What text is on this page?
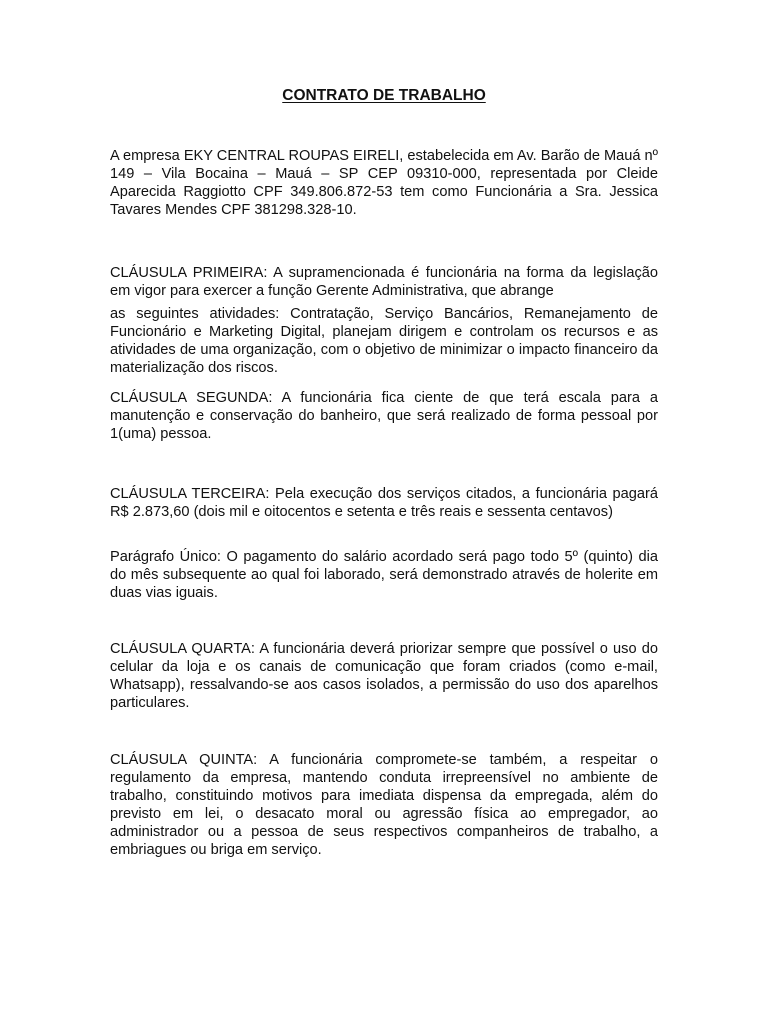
CONTRATO DE TRABALHO

A empresa EKY CENTRAL ROUPAS EIRELI, estabelecida em Av. Barão de Mauá nº 149 – Vila Bocaina – Mauá – SP CEP 09310-000, representada por Cleide Aparecida Raggiotto CPF 349.806.872-53 tem como Funcionária a Sra. Jessica Tavares Mendes CPF 381298.328-10.

CLÁUSULA PRIMEIRA: A supramencionada é funcionária na forma da legislação em vigor para exercer a função Gerente Administrativa, que abrange

as seguintes atividades: Contratação, Serviço Bancários, Remanejamento de Funcionário e Marketing Digital, planejam dirigem e controlam os recursos e as atividades de uma organização, com o objetivo de minimizar o impacto financeiro da materialização dos riscos.

CLÁUSULA SEGUNDA: A funcionária fica ciente de que terá escala para a manutenção e conservação do banheiro, que será realizado de forma pessoal por 1(uma) pessoa.

CLÁUSULA TERCEIRA: Pela execução dos serviços citados, a funcionária pagará R$ 2.873,60 (dois mil e oitocentos e setenta e três reais e sessenta centavos)

Parágrafo Único: O pagamento do salário acordado será pago todo 5º (quinto) dia do mês subsequente ao qual foi laborado, será demonstrado através de holerite em duas vias iguais.

CLÁUSULA QUARTA: A funcionária deverá priorizar sempre que possível o uso do celular da loja e os canais de comunicação que foram criados (como e-mail, Whatsapp), ressalvando-se aos casos isolados, a permissão do uso dos aparelhos particulares.

CLÁUSULA QUINTA: A funcionária compromete-se também, a respeitar o regulamento da empresa, mantendo conduta irrepreensível no ambiente de trabalho, constituindo motivos para imediata dispensa da empregada, além do previsto em lei, o desacato moral ou agressão física ao empregador, ao administrador ou a pessoa de seus respectivos companheiros de trabalho, a embriagues ou briga em serviço.
